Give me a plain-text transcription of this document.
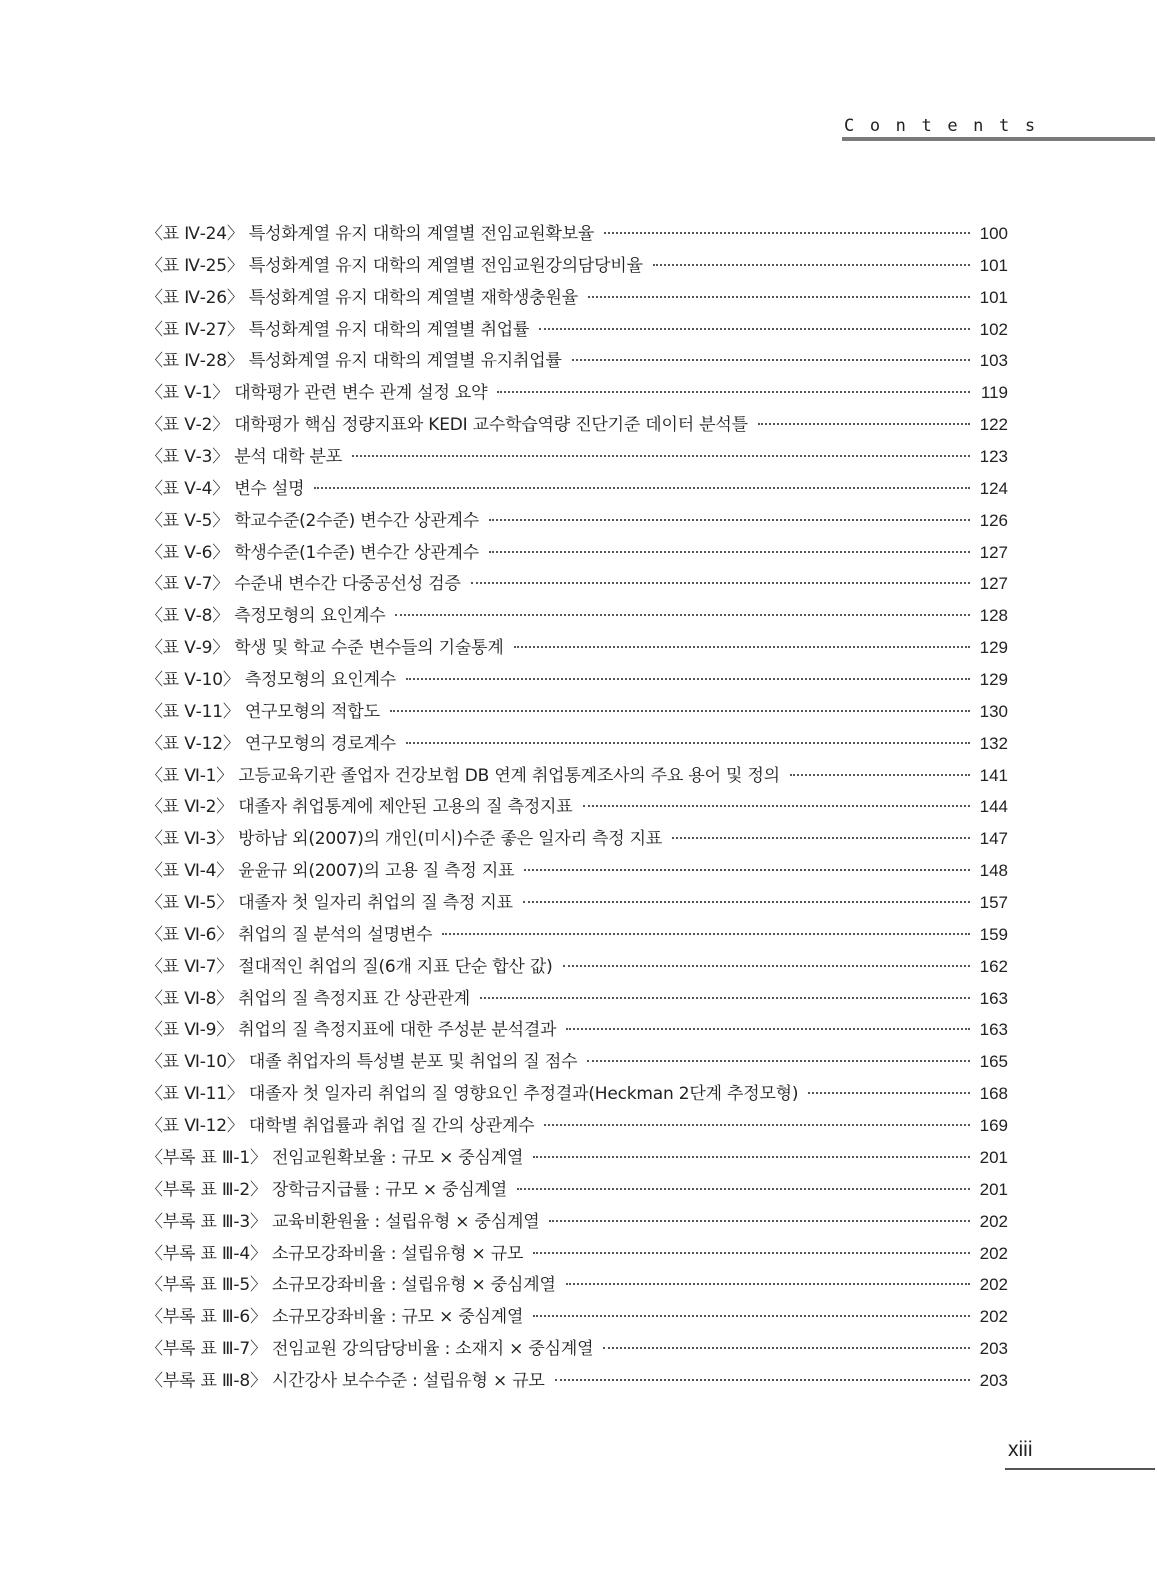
Contents
〈표 Ⅳ-24〉 특성화계열 유지 대학의 계열별 전임교원확보율	100
〈표 Ⅳ-25〉 특성화계열 유지 대학의 계열별 전임교원강의담당비율	101
〈표 Ⅳ-26〉 특성화계열 유지 대학의 계열별 재학생충원율	101
〈표 Ⅳ-27〉 특성화계열 유지 대학의 계열별 취업률	102
〈표 Ⅳ-28〉 특성화계열 유지 대학의 계열별 유지취업률	103
〈표 Ⅴ-1〉 대학평가 관련 변수 관계 설정 요약	119
〈표 Ⅴ-2〉 대학평가 핵심 정량지표와 KEDI 교수학습역량 진단기준 데이터 분석틀	122
〈표 Ⅴ-3〉 분석 대학 분포	123
〈표 Ⅴ-4〉 변수 설명	124
〈표 Ⅴ-5〉 학교수준(2수준) 변수간 상관계수	126
〈표 Ⅴ-6〉 학생수준(1수준) 변수간 상관계수	127
〈표 Ⅴ-7〉 수준내 변수간 다중공선성 검증	127
〈표 Ⅴ-8〉 측정모형의 요인계수	128
〈표 Ⅴ-9〉 학생 및 학교 수준 변수들의 기술통계	129
〈표 Ⅴ-10〉 측정모형의 요인계수	129
〈표 Ⅴ-11〉 연구모형의 적합도	130
〈표 Ⅴ-12〉 연구모형의 경로계수	132
〈표 Ⅵ-1〉 고등교육기관 졸업자 건강보험 DB 연계 취업통계조사의 주요 용어 및 정의	141
〈표 Ⅵ-2〉 대졸자 취업통계에 제안된 고용의 질 측정지표	144
〈표 Ⅵ-3〉 방하남 외(2007)의 개인(미시)수준 좋은 일자리 측정 지표	147
〈표 Ⅵ-4〉 윤윤규 외(2007)의 고용 질 측정 지표	148
〈표 Ⅵ-5〉 대졸자 첫 일자리 취업의 질 측정 지표	157
〈표 Ⅵ-6〉 취업의 질 분석의 설명변수	159
〈표 Ⅵ-7〉 절대적인 취업의 질(6개 지표 단순 합산 값)	162
〈표 Ⅵ-8〉 취업의 질 측정지표 간 상관관계	163
〈표 Ⅵ-9〉 취업의 질 측정지표에 대한 주성분 분석결과	163
〈표 Ⅵ-10〉 대졸 취업자의 특성별 분포 및 취업의 질 점수	165
〈표 Ⅵ-11〉 대졸자 첫 일자리 취업의 질 영향요인 추정결과(Heckman 2단계 추정모형)	168
〈표 Ⅵ-12〉 대학별 취업률과 취업 질 간의 상관계수	169
〈부록 표 Ⅲ-1〉 전임교원확보율 : 규모 × 중심계열	201
〈부록 표 Ⅲ-2〉 장학금지급률 : 규모 × 중심계열	201
〈부록 표 Ⅲ-3〉 교육비환원율 : 설립유형 × 중심계열	202
〈부록 표 Ⅲ-4〉 소규모강좌비율 : 설립유형 × 규모	202
〈부록 표 Ⅲ-5〉 소규모강좌비율 : 설립유형 × 중심계열	202
〈부록 표 Ⅲ-6〉 소규모강좌비율 : 규모 × 중심계열	202
〈부록 표 Ⅲ-7〉 전임교원 강의담당비율 : 소재지 × 중심계열	203
〈부록 표 Ⅲ-8〉 시간강사 보수수준 : 설립유형 × 규모	203
xiii
